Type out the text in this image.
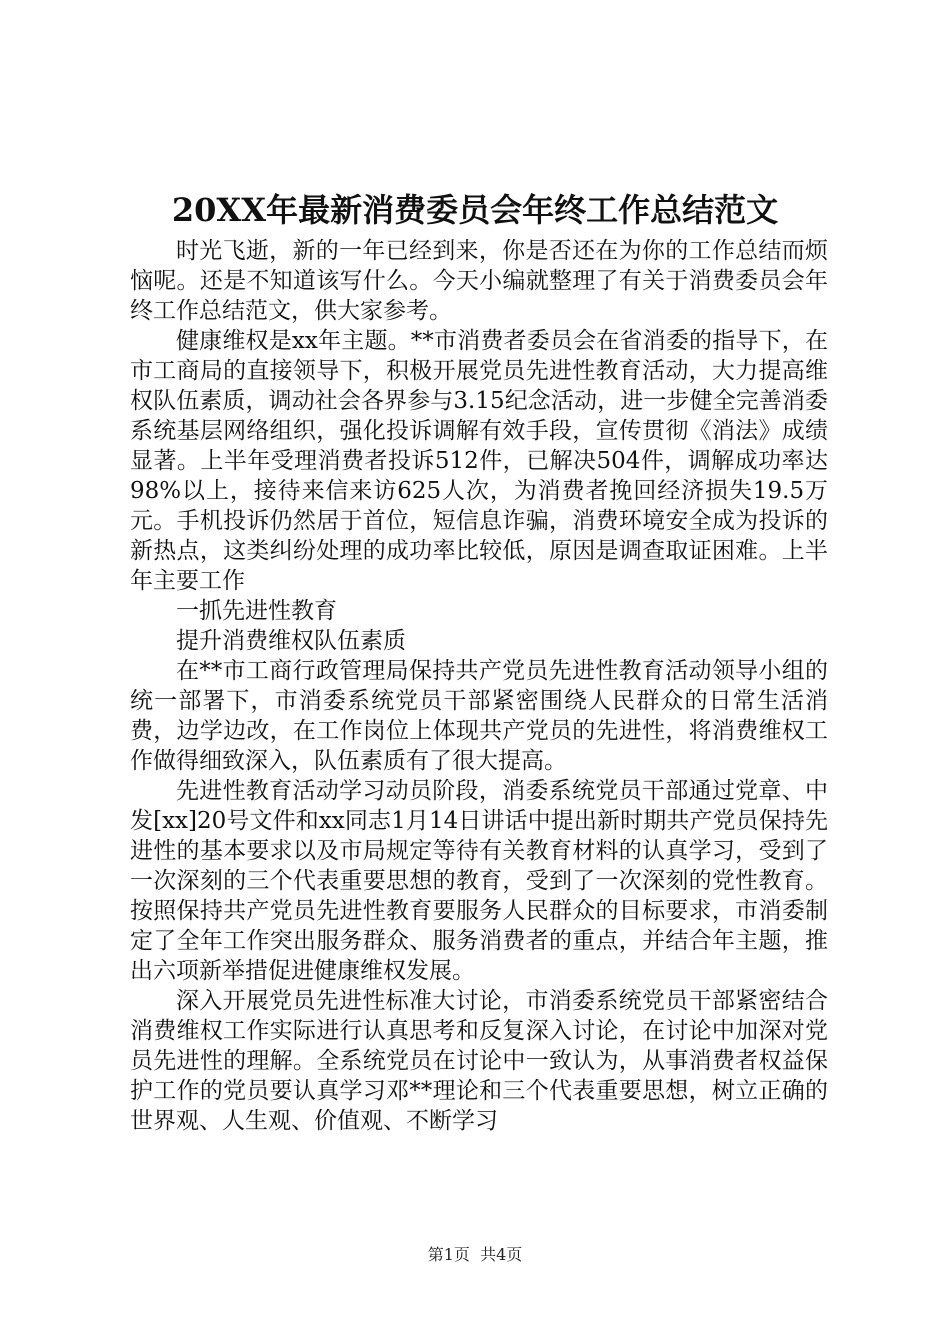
20XX年最新消费委员会年终工作总结范文

时光飞逝，新的一年已经到来，你是否还在为你的工作总结而烦恼呢。还是不知道该写什么。今天小编就整理了有关于消费委员会年终工作总结范文，供大家参考。

健康维权是xx年主题。**市消费者委员会在省消委的指导下，在市工商局的直接领导下，积极开展党员先进性教育活动，大力提高维权队伍素质，调动社会各界参与3.15纪念活动，进一步健全完善消委系统基层网络组织，强化投诉调解有效手段，宣传贯彻《消法》成绩显著。上半年受理消费者投诉512件，已解决504件，调解成功率达98%以上，接待来信来访625人次，为消费者挽回经济损失19.5万元。手机投诉仍然居于首位，短信息诈骗，消费环境安全成为投诉的新热点，这类纠纷处理的成功率比较低，原因是调查取证困难。上半年主要工作

一抓先进性教育

提升消费维权队伍素质

在**市工商行政管理局保持共产党员先进性教育活动领导小组的统一部署下，市消委系统党员干部紧密围绕人民群众的日常生活消费，边学边改，在工作岗位上体现共产党员的先进性，将消费维权工作做得细致深入，队伍素质有了很大提高。

先进性教育活动学习动员阶段，消委系统党员干部通过党章、中发[xx]20号文件和xx同志1月14日讲话中提出新时期共产党员保持先进性的基本要求以及市局规定等待有关教育材料的认真学习，受到了一次深刻的三个代表重要思想的教育，受到了一次深刻的党性教育。按照保持共产党员先进性教育要服务人民群众的目标要求，市消委制定了全年工作突出服务群众、服务消费者的重点，并结合年主题，推出六项新举措促进健康维权发展。

深入开展党员先进性标准大讨论，市消委系统党员干部紧密结合消费维权工作实际进行认真思考和反复深入讨论，在讨论中加深对党员先进性的理解。全系统党员在讨论中一致认为，从事消费者权益保护工作的党员要认真学习邓**理论和三个代表重要思想，树立正确的世界观、人生观、价值观、不断学习

第1页  共4页
